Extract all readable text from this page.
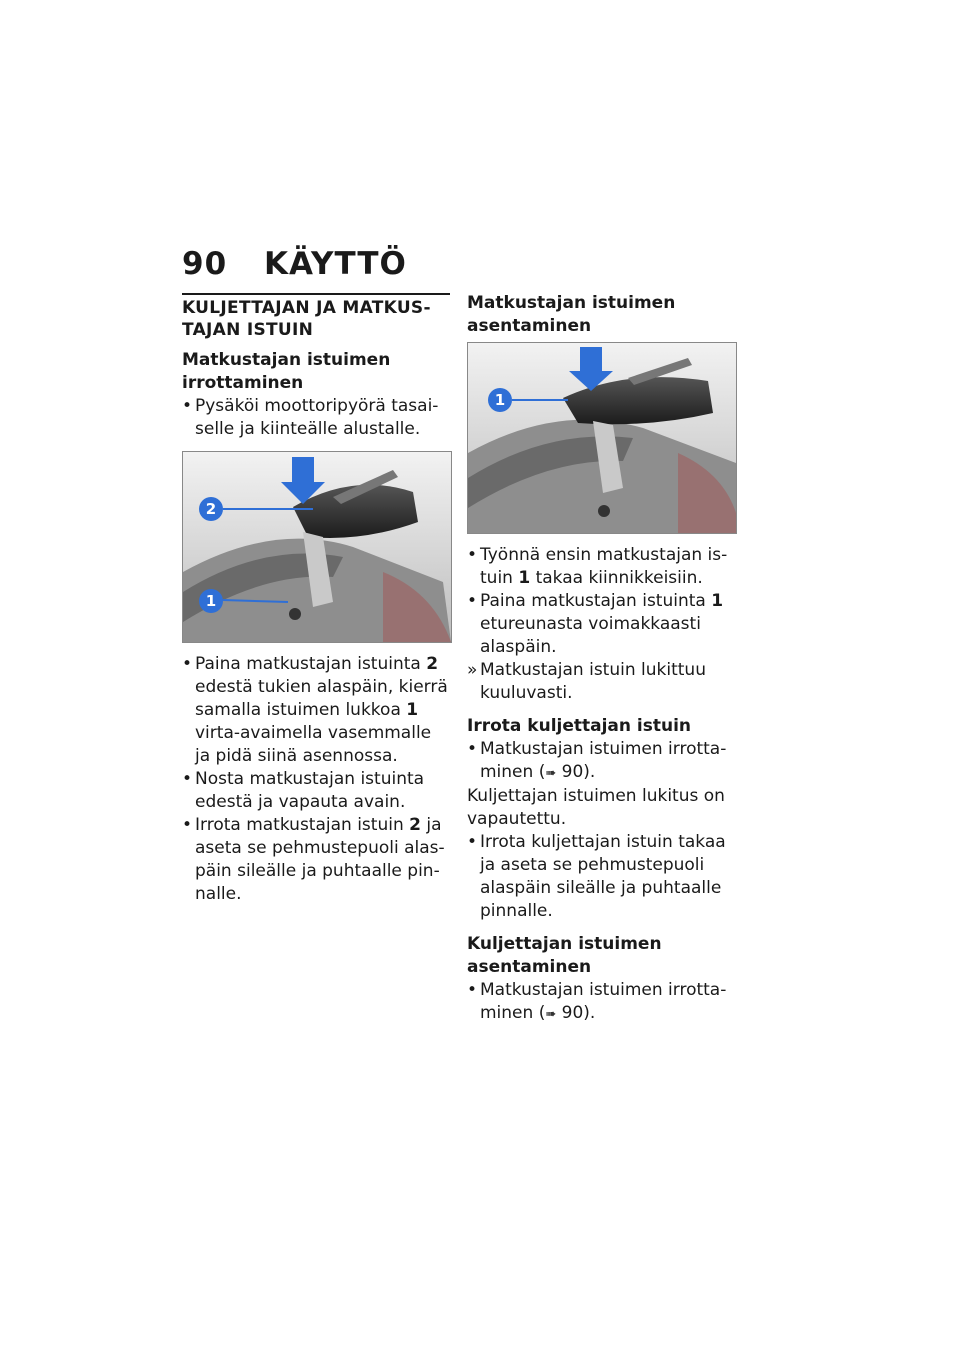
90 KÄYTTÖ
KULJETTAJAN JA MATKUS-
TAJAN ISTUIN
Matkustajan istuimen irrottaminen
• Pysäköi moottoripyörä tasai-
selle ja kiinteälle alustalle.
2
1
• Paina matkustajan istuinta 2
edestä tukien alaspäin, kierrä
samalla istuimen lukkoa 1
virta-avaimella vasemmalle
ja pidä siinä asennossa.
• Nosta matkustajan istuinta
edestä ja vapauta avain.
• Irrota matkustajan istuin 2 ja
aseta se pehmustepuoli alas-
päin sileälle ja puhtaalle pin-
nalle.
Matkustajan istuimen
asentaminen
1
• Työnnä ensin matkustajan is-
tuin 1 takaa kiinnikkeisiin.
• Paina matkustajan istuinta 1
etureunasta voimakkaasti
alaspäin.
» Matkustajan istuin lukittuu
kuuluvasti.
Irrota kuljettajan istuin
• Matkustajan istuimen irrotta-
minen (➠ 90).
Kuljettajan istuimen lukitus on
vapautettu.
• Irrota kuljettajan istuin takaa
ja aseta se pehmustepuoli
alaspäin sileälle ja puhtaalle
pinnalle.
Kuljettajan istuimen
asentaminen
• Matkustajan istuimen irrotta-
minen (➠ 90).
